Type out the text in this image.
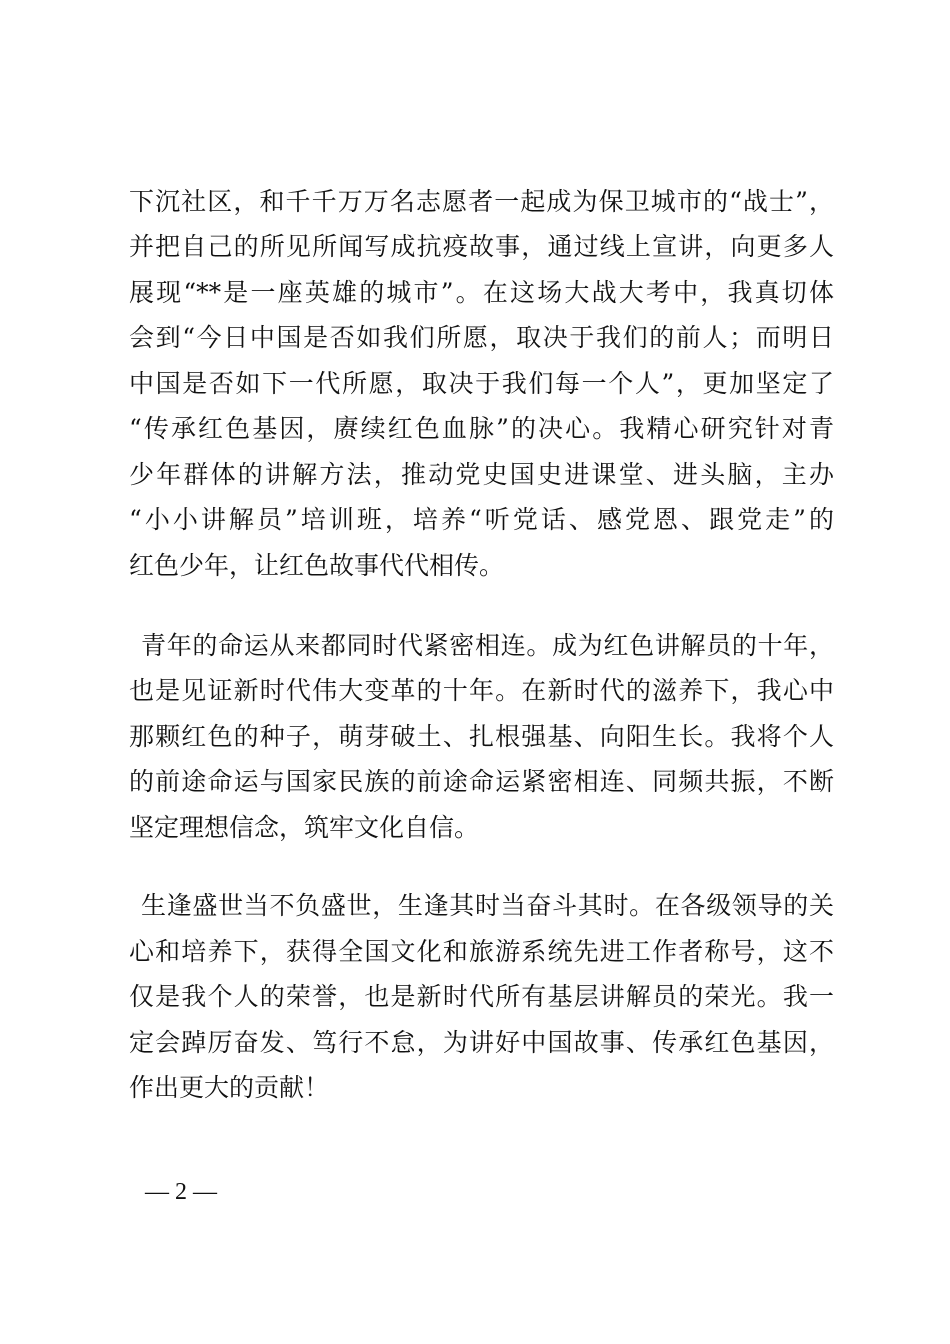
下沉社区，和千千万万名志愿者一起成为保卫城市的“战士”，
并把自己的所见所闻写成抗疫故事，通过线上宣讲，向更多人
展现“**是一座英雄的城市”。在这场大战大考中，我真切体
会到“今日中国是否如我们所愿，取决于我们的前人；而明日
中国是否如下一代所愿，取决于我们每一个人”，更加坚定了
“传承红色基因，赓续红色血脉”的决心。我精心研究针对青
少年群体的讲解方法，推动党史国史进课堂、进头脑，主办
“小小讲解员”培训班，培养“听党话、感党恩、跟党走”的
红色少年，让红色故事代代相传。
青年的命运从来都同时代紧密相连。成为红色讲解员的十年，
也是见证新时代伟大变革的十年。在新时代的滋养下，我心中
那颗红色的种子，萌芽破土、扎根强基、向阳生长。我将个人
的前途命运与国家民族的前途命运紧密相连、同频共振，不断
坚定理想信念，筑牢文化自信。
生逢盛世当不负盛世，生逢其时当奋斗其时。在各级领导的关
心和培养下，获得全国文化和旅游系统先进工作者称号，这不
仅是我个人的荣誉，也是新时代所有基层讲解员的荣光。我一
定会踔厉奋发、笃行不怠，为讲好中国故事、传承红色基因，
作出更大的贡献！
— 2 —
